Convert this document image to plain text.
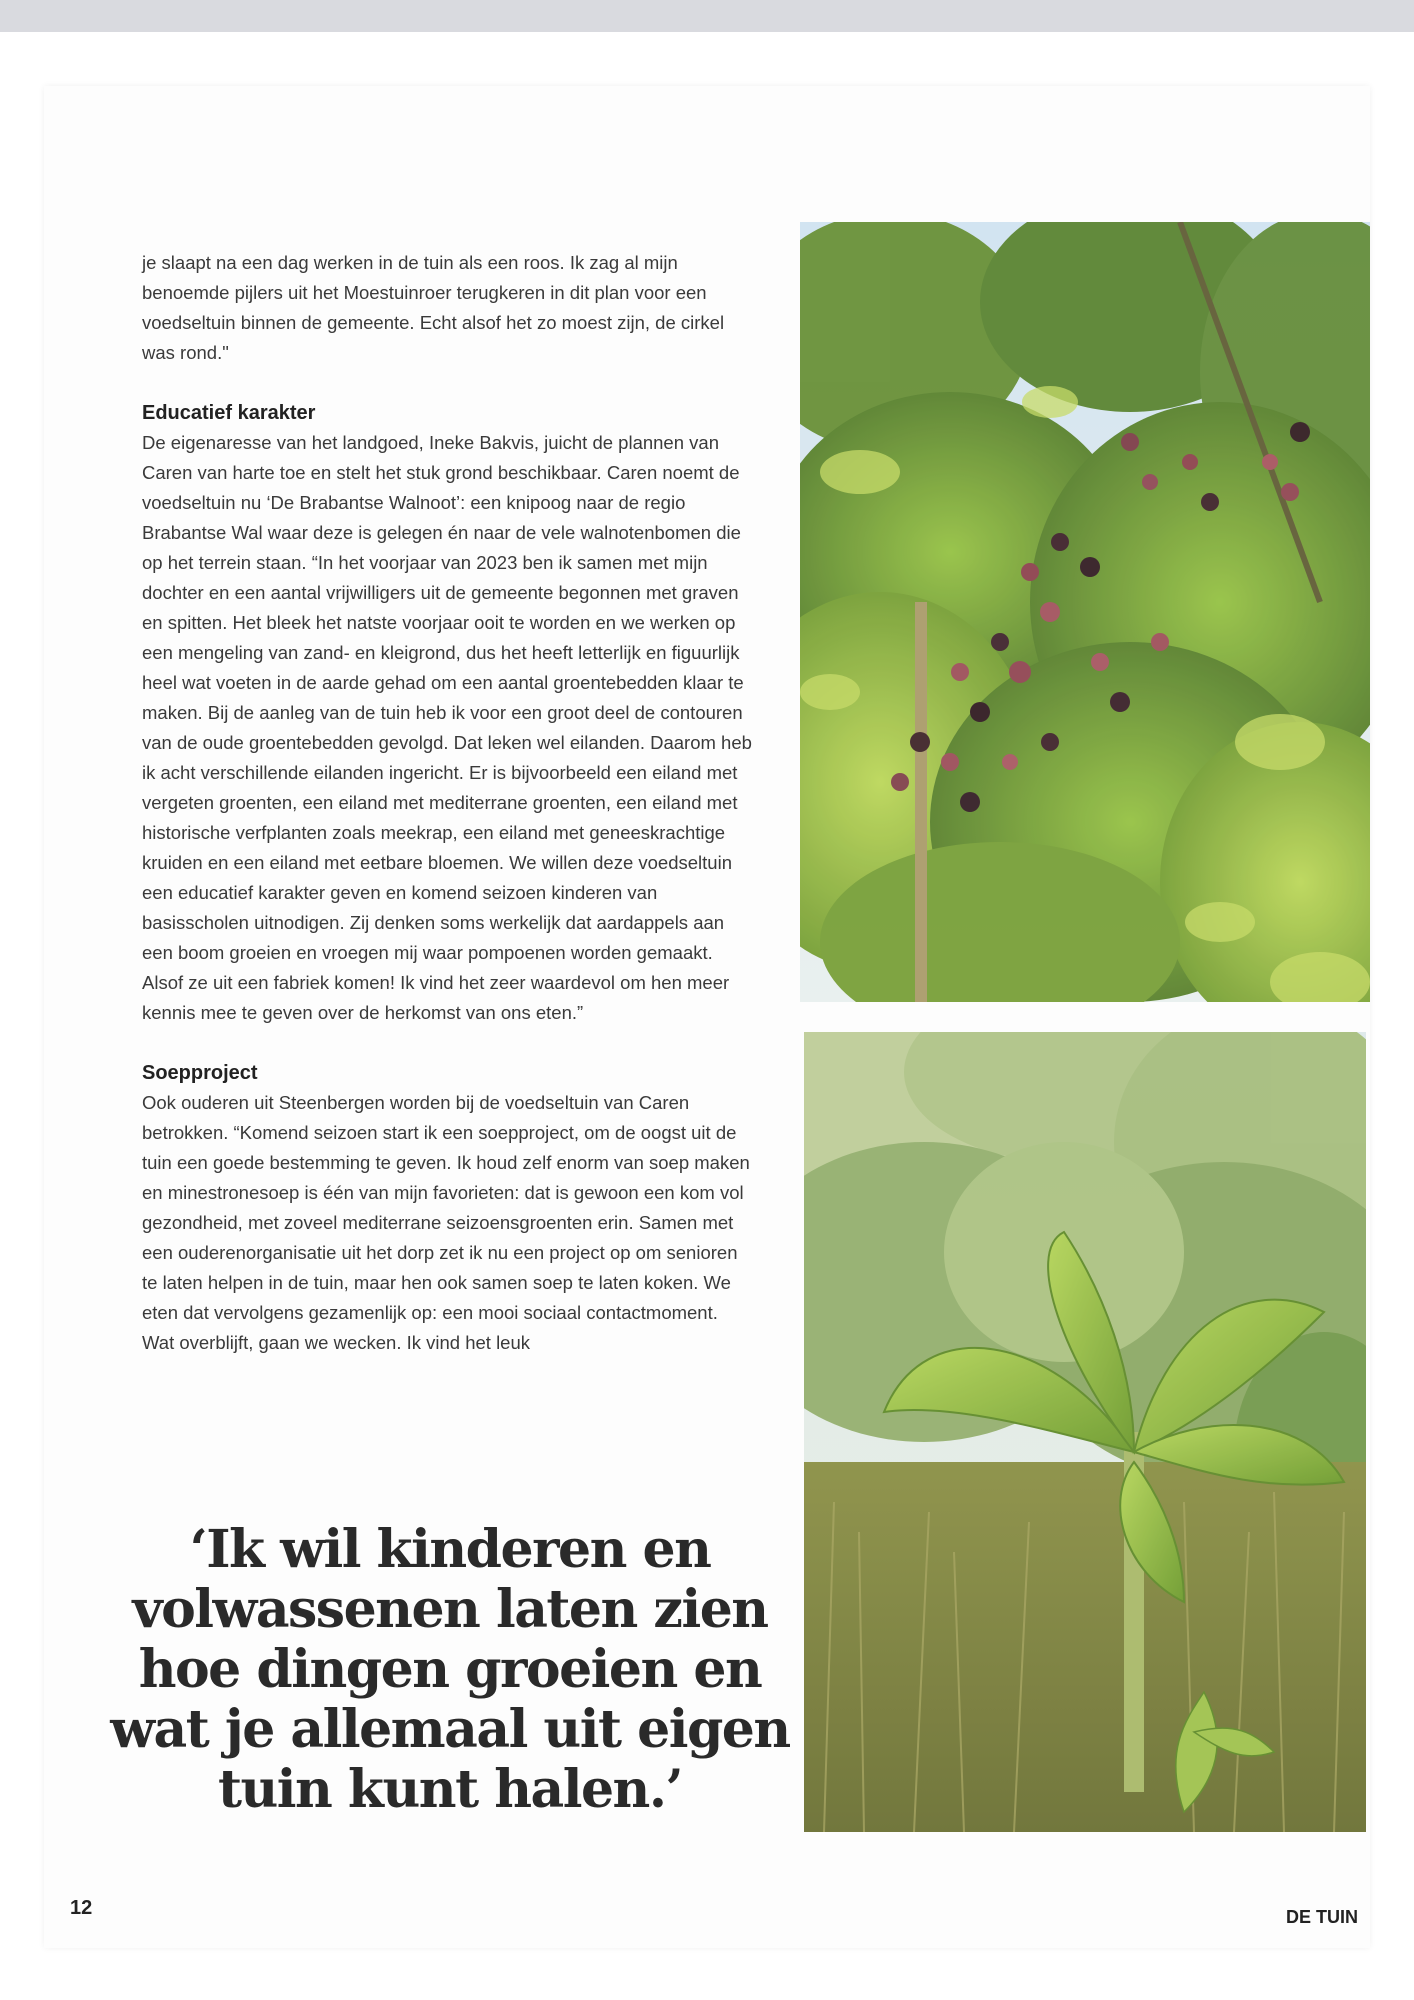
je slaapt na een dag werken in de tuin als een roos. Ik zag al mijn benoemde pijlers uit het Moestuinroer terugkeren in dit plan voor een voedseltuin binnen de gemeente. Echt alsof het zo moest zijn, de cirkel was rond."

Educatief karakter

De eigenaresse van het landgoed, Ineke Bakvis, juicht de plannen van Caren van harte toe en stelt het stuk grond beschikbaar. Caren noemt de voedseltuin nu ‘De Brabantse Walnoot’: een knipoog naar de regio Brabantse Wal waar deze is gelegen én naar de vele walnotenbomen die op het terrein staan. “In het voorjaar van 2023 ben ik samen met mijn dochter en een aantal vrijwilligers uit de gemeente begonnen met graven en spitten. Het bleek het natste voorjaar ooit te worden en we werken op een mengeling van zand- en kleigrond, dus het heeft letterlijk en figuurlijk heel wat voeten in de aarde gehad om een aantal groentebedden klaar te maken. Bij de aanleg van de tuin heb ik voor een groot deel de contouren van de oude groentebedden gevolgd. Dat leken wel eilanden. Daarom heb ik acht verschillende eilanden ingericht. Er is bijvoorbeeld een eiland met vergeten groenten, een eiland met mediterrane groenten, een eiland met historische verfplanten zoals meekrap, een eiland met geneeskrachtige kruiden en een eiland met eetbare bloemen. We willen deze voedseltuin een educatief karakter geven en komend seizoen kinderen van basisscholen uitnodigen. Zij denken soms werkelijk dat aardappels aan een boom groeien en vroegen mij waar pompoenen worden gemaakt. Alsof ze uit een fabriek komen! Ik vind het zeer waardevol om hen meer kennis mee te geven over de herkomst van ons eten.”

Soepproject

Ook ouderen uit Steenbergen worden bij de voedseltuin van Caren betrokken. “Komend seizoen start ik een soepproject, om de oogst uit de tuin een goede bestemming te geven. Ik houd zelf enorm van soep maken en minestronesoep is één van mijn favorieten: dat is gewoon een kom vol gezondheid, met zoveel mediterrane seizoensgroenten erin. Samen met een ouderenorganisatie uit het dorp zet ik nu een project op om senioren te laten helpen in de tuin, maar hen ook samen soep te laten koken. We eten dat vervolgens gezamenlijk op: een mooi sociaal contactmoment. Wat overblijft, gaan we wecken. Ik vind het leuk

‘Ik wil kinderen en volwassenen laten zien hoe dingen groeien en wat je allemaal uit eigen tuin kunt halen.’
12	DE TUIN
